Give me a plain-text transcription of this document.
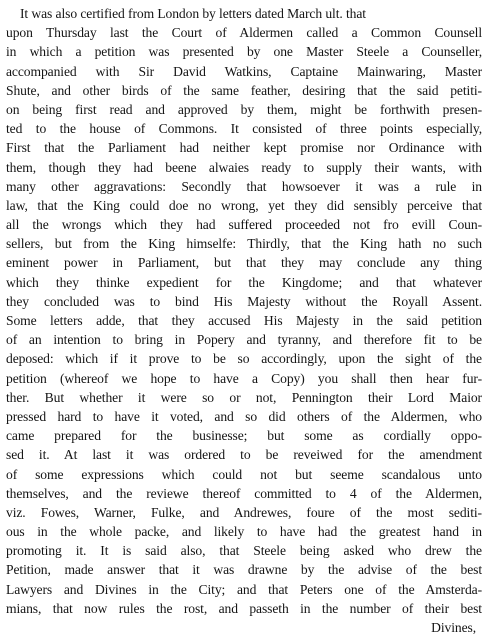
It was also certified from London by letters dated March ult. that
upon Thursday last the Court of Aldermen called a Common Counsell
in which a petition was presented by one Master Steele a Counseller,
accompanied with Sir David Watkins, Captaine Mainwaring, Master
Shute, and other birds of the same feather, desiring that the said petiti-
on being first read and approved by them, might be forthwith presen-
ted to the house of Commons. It consisted of three points especially,
First that the Parliament had neither kept promise nor Ordinance with
them, though they had beene alwaies ready to supply their wants, with
many other aggravations: Secondly that howsoever it was a rule in
law, that the King could doe no wrong, yet they did sensibly perceive that
all the wrongs which they had suffered proceeded not fro evill Coun-
sellers, but from the King himselfe: Thirdly, that the King hath no such
eminent power in Parliament, but that they may conclude any thing
which they thinke expedient for the Kingdome; and that whatever
they concluded was to bind His Majesty without the Royall Assent.
Some letters adde, that they accused His Majesty in the said petition
of an intention to bring in Popery and tyranny, and therefore fit to be
deposed: which if it prove to be so accordingly, upon the sight of the
petition (whereof we hope to have a Copy) you shall then hear fur-
ther. But whether it were so or not, Pennington their Lord Maior
pressed hard to have it voted, and so did others of the Aldermen, who
came prepared for the businesse; but some as cordially oppo-
sed it. At last it was ordered to be reveiwed for the amendment
of some expressions which could not but seeme scandalous unto
themselves, and the reviewe thereof committed to 4 of the Aldermen,
viz. Fowes, Warner, Fulke, and Andrewes, foure of the most sediti-
ous in the whole packe, and likely to have had the greatest hand in
promoting it. It is said also, that Steele being asked who drew the
Petition, made answer that it was drawne by the advise of the best
Lawyers and Divines in the City; and that Peters one of the Amsterda-
mians, that now rules the rost, and passeth in the number of their best
Divines,
